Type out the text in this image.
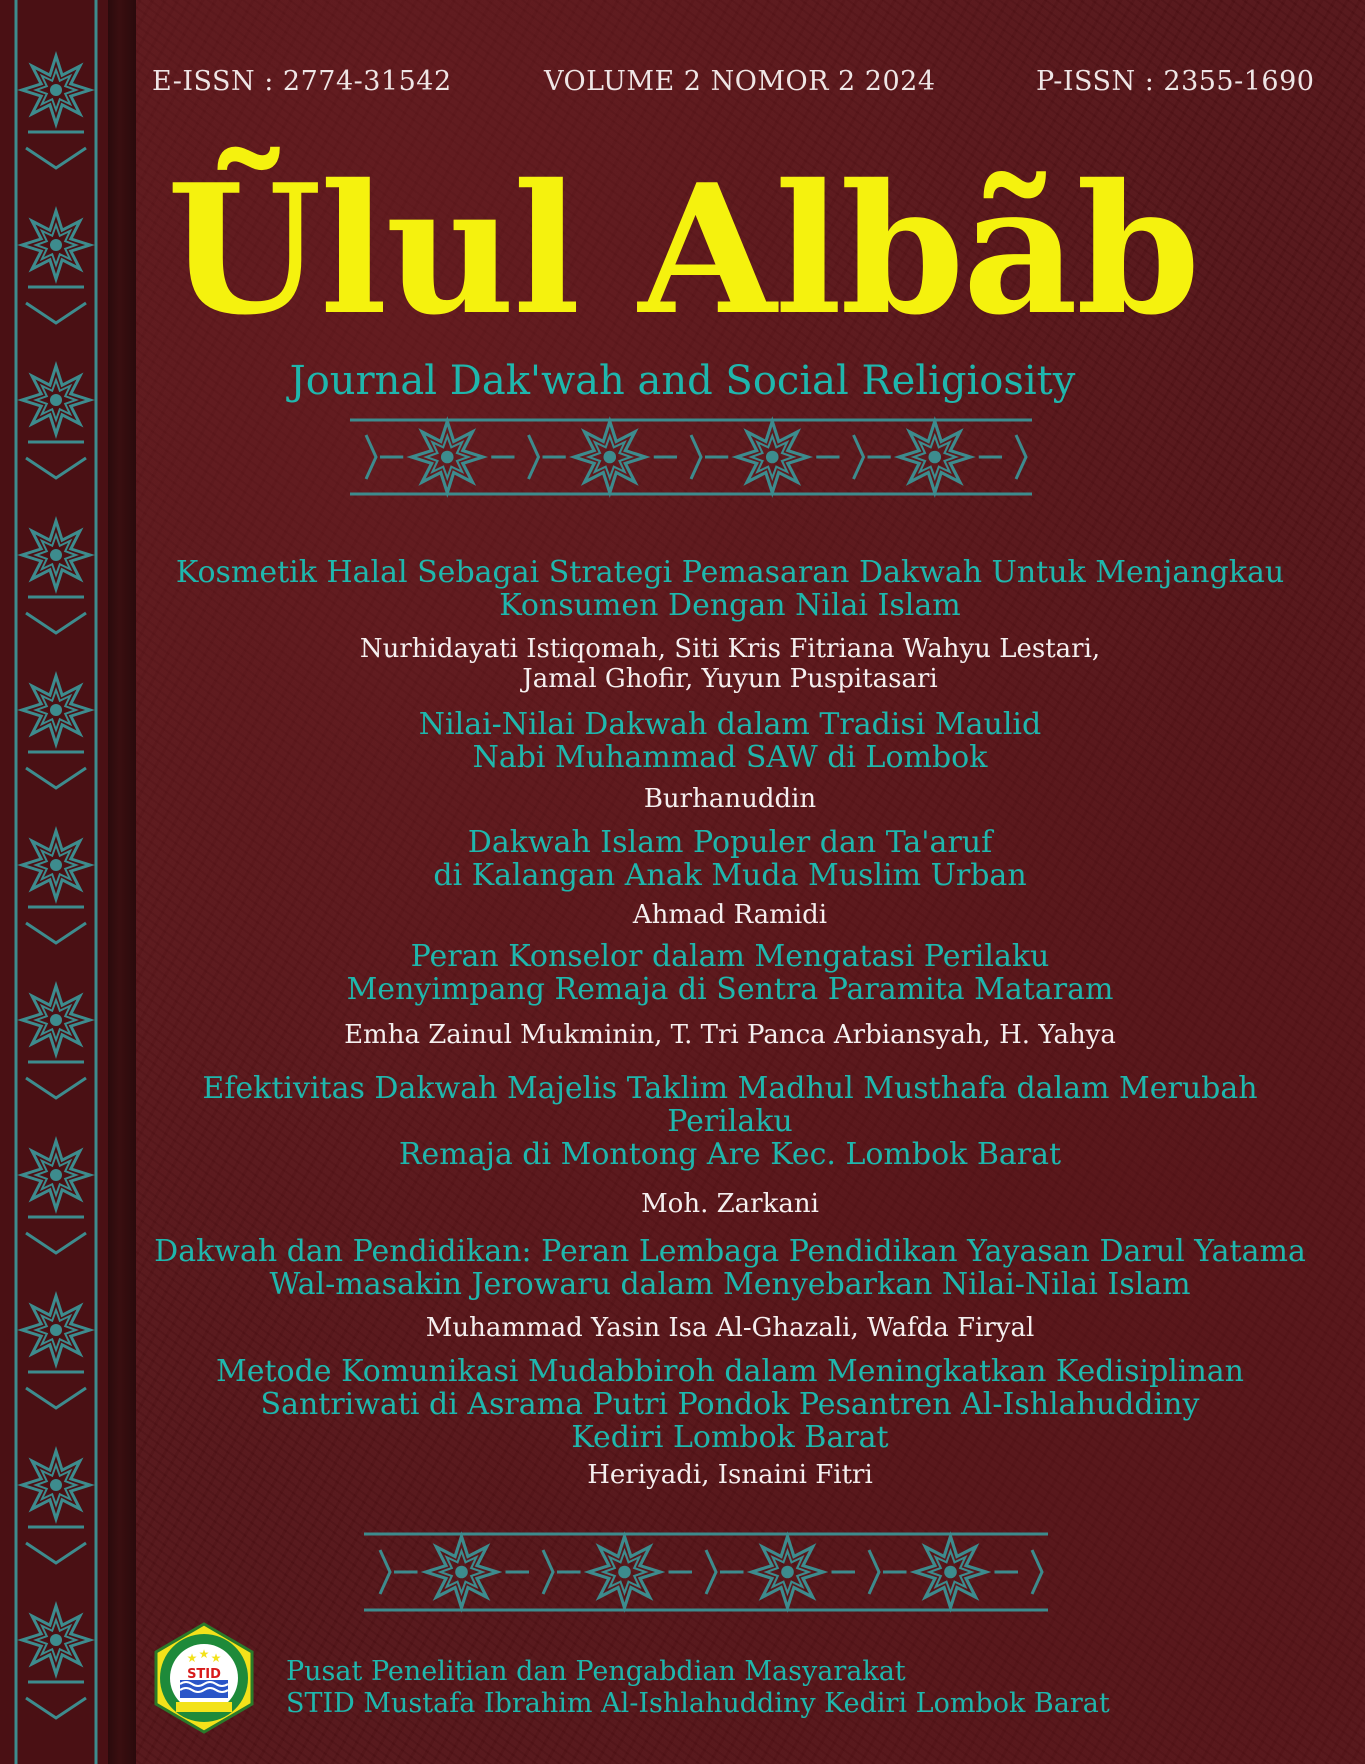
E-ISSN : 2774-31542	VOLUME 2 NOMOR 2 2024	P-ISSN : 2355-1690
Ũlul Albãb
Journal Dak'wah and Social Religiosity
Kosmetik Halal Sebagai Strategi Pemasaran Dakwah Untuk Menjangkau
Konsumen Dengan Nilai Islam
Nurhidayati Istiqomah, Siti Kris Fitriana Wahyu Lestari,
Jamal Ghofir, Yuyun Puspitasari
Nilai-Nilai Dakwah dalam Tradisi Maulid
Nabi Muhammad SAW di Lombok
Burhanuddin
Dakwah Islam Populer dan Ta'aruf
di Kalangan Anak Muda Muslim Urban
Ahmad Ramidi
Peran Konselor dalam Mengatasi Perilaku
Menyimpang Remaja di Sentra Paramita Mataram
Emha Zainul Mukminin, T. Tri Panca Arbiansyah, H. Yahya
Efektivitas Dakwah Majelis Taklim Madhul Musthafa dalam Merubah Perilaku
Remaja di Montong Are Kec. Lombok Barat
Moh. Zarkani
Dakwah dan Pendidikan: Peran Lembaga Pendidikan Yayasan Darul Yatama
Wal-masakin Jerowaru dalam Menyebarkan Nilai-Nilai Islam
Muhammad Yasin Isa Al-Ghazali, Wafda Firyal
Metode Komunikasi Mudabbiroh dalam Meningkatkan Kedisiplinan
Santriwati di Asrama Putri Pondok Pesantren Al-Ishlahuddiny
Kediri Lombok Barat
Heriyadi, Isnaini Fitri
★ ★ ★
STID Pusat Penelitian dan Pengabdian Masyarakat
STID Mustafa Ibrahim Al-Ishlahuddiny Kediri Lombok Barat
